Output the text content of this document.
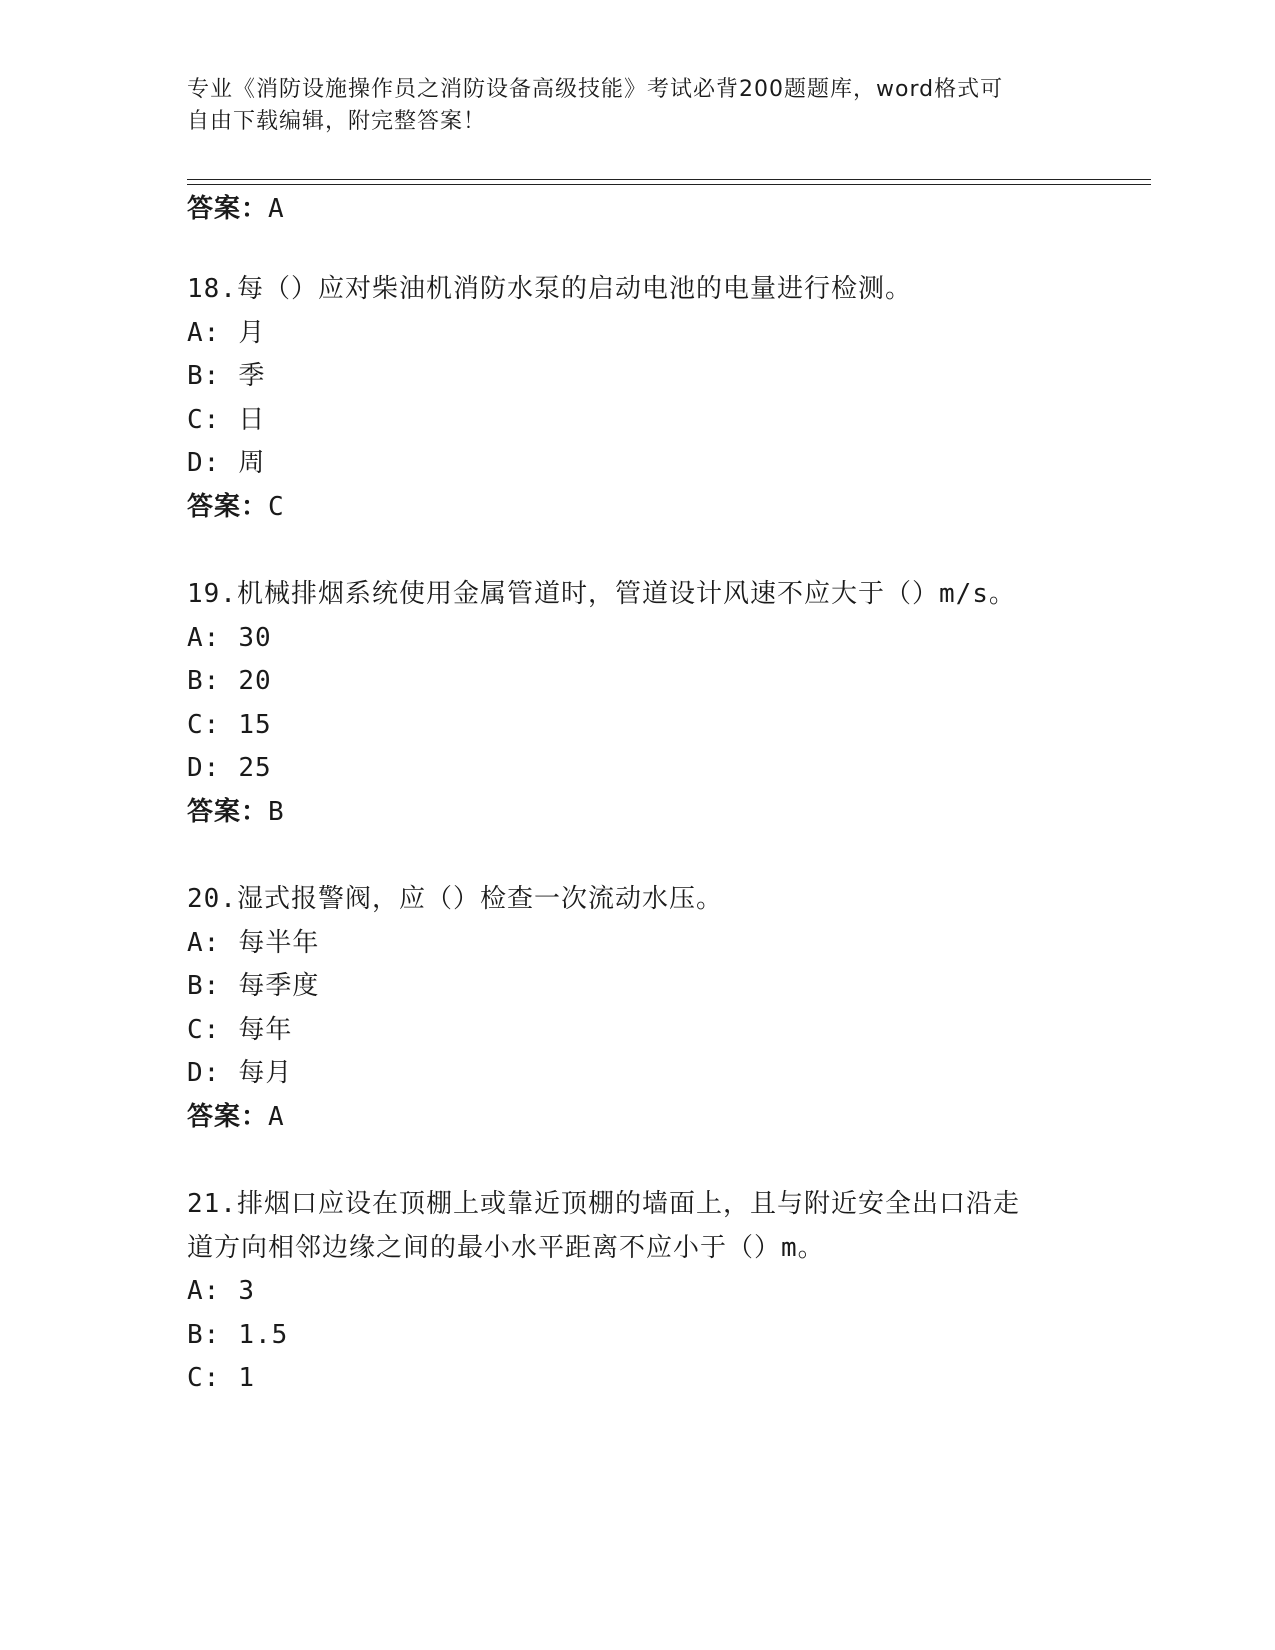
专业《消防设施操作员之消防设备高级技能》考试必背200题题库，word格式可
自由下载编辑，附完整答案！
答案：A
18.每（）应对柴油机消防水泵的启动电池的电量进行检测。
A: 月
B: 季
C: 日
D: 周
答案：C
19.机械排烟系统使用金属管道时，管道设计风速不应大于（）m/s。
A: 30
B: 20
C: 15
D: 25
答案：B
20.湿式报警阀，应（）检查一次流动水压。
A: 每半年
B: 每季度
C: 每年
D: 每月
答案：A
21.排烟口应设在顶棚上或靠近顶棚的墙面上，且与附近安全出口沿走
道方向相邻边缘之间的最小水平距离不应小于（）m。
A: 3
B: 1.5
C: 1
